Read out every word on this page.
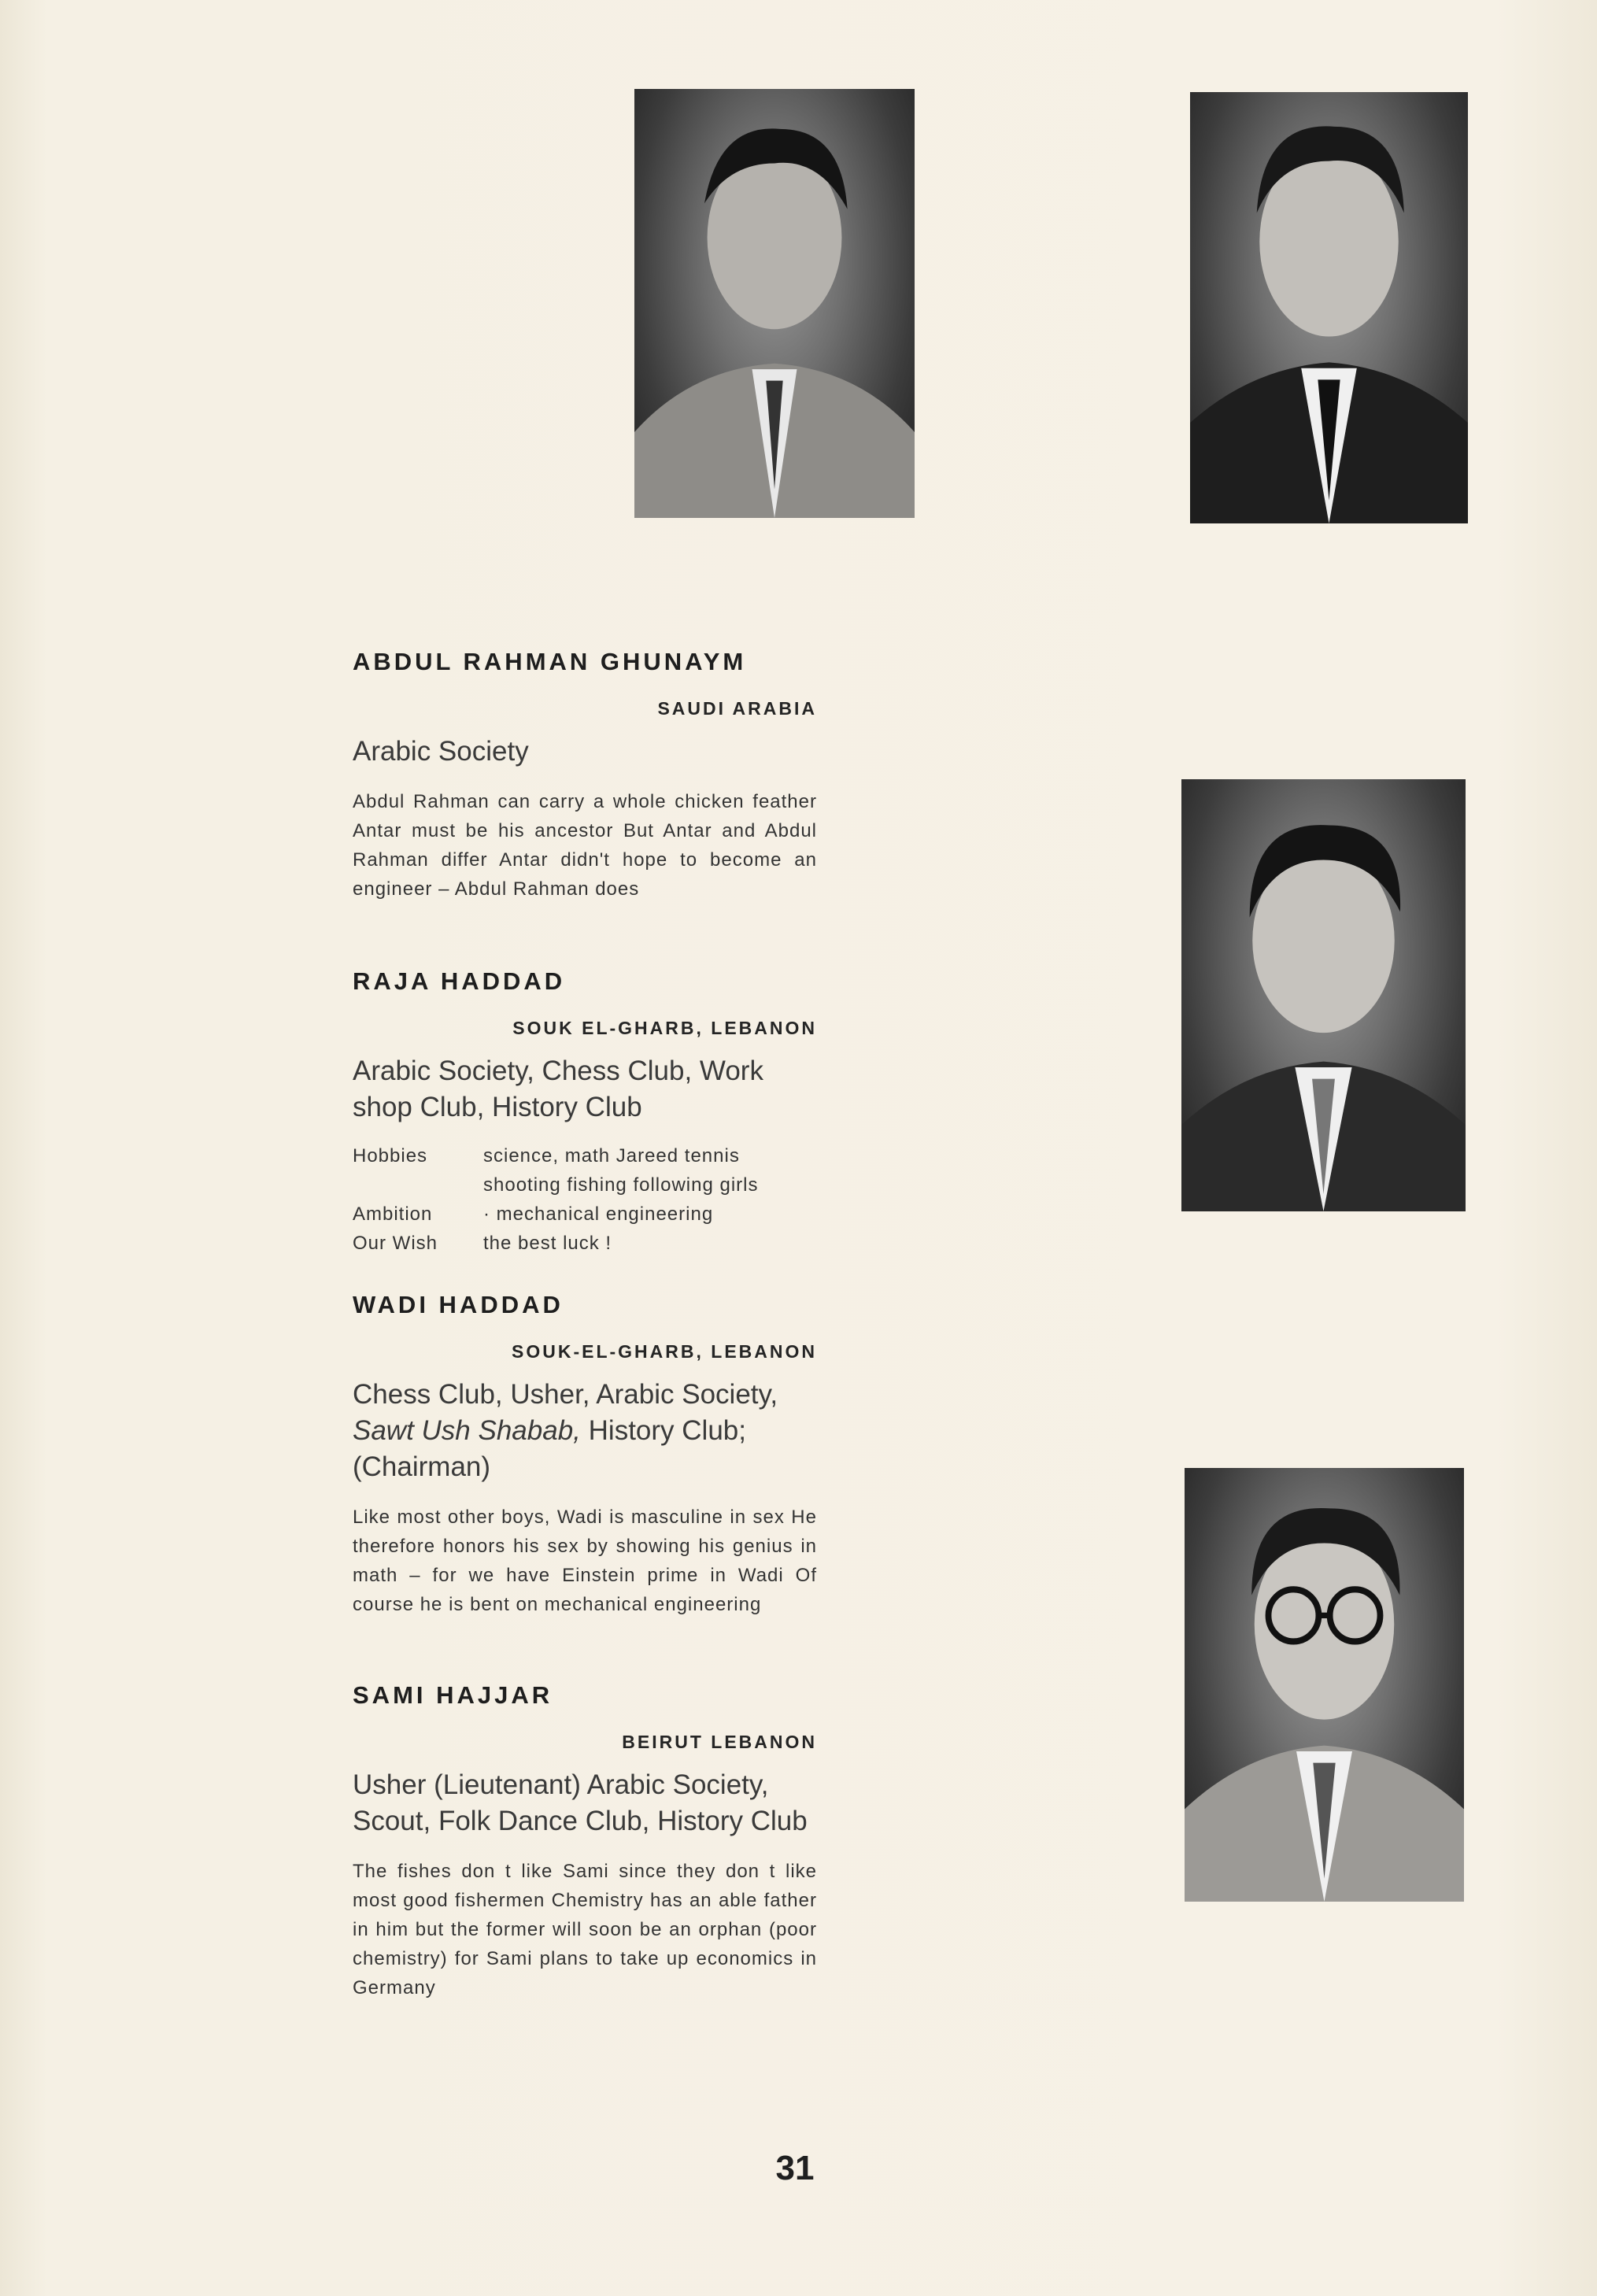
ABDUL RAHMAN GHUNAYM
SAUDI ARABIA
Arabic Society
Abdul Rahman can carry a whole chicken feather Antar must be his ancestor But Antar and Abdul Rahman differ Antar didn't hope to become an engineer – Abdul Rahman does
RAJA HADDAD
SOUK EL-GHARB, LEBANON
Arabic Society, Chess Club, Work shop Club, History Club
Hobbies	science, math Jareed tennis shooting fishing following girls
Ambition	· mechanical engineering
Our Wish	the best luck !
WADI HADDAD
SOUK-EL-GHARB, LEBANON
Chess Club, Usher, Arabic Society, Sawt Ush Shabab, History Club; (Chairman)
Like most other boys, Wadi is masculine in sex He therefore honors his sex by showing his genius in math – for we have Einstein prime in Wadi Of course he is bent on mechanical engineering
SAMI HAJJAR
BEIRUT LEBANON
Usher (Lieutenant) Arabic Society, Scout, Folk Dance Club, History Club
The fishes don t like Sami since they don t like most good fishermen Chemistry has an able father in him but the former will soon be an orphan (poor chemistry) for Sami plans to take up economics in Germany
31
